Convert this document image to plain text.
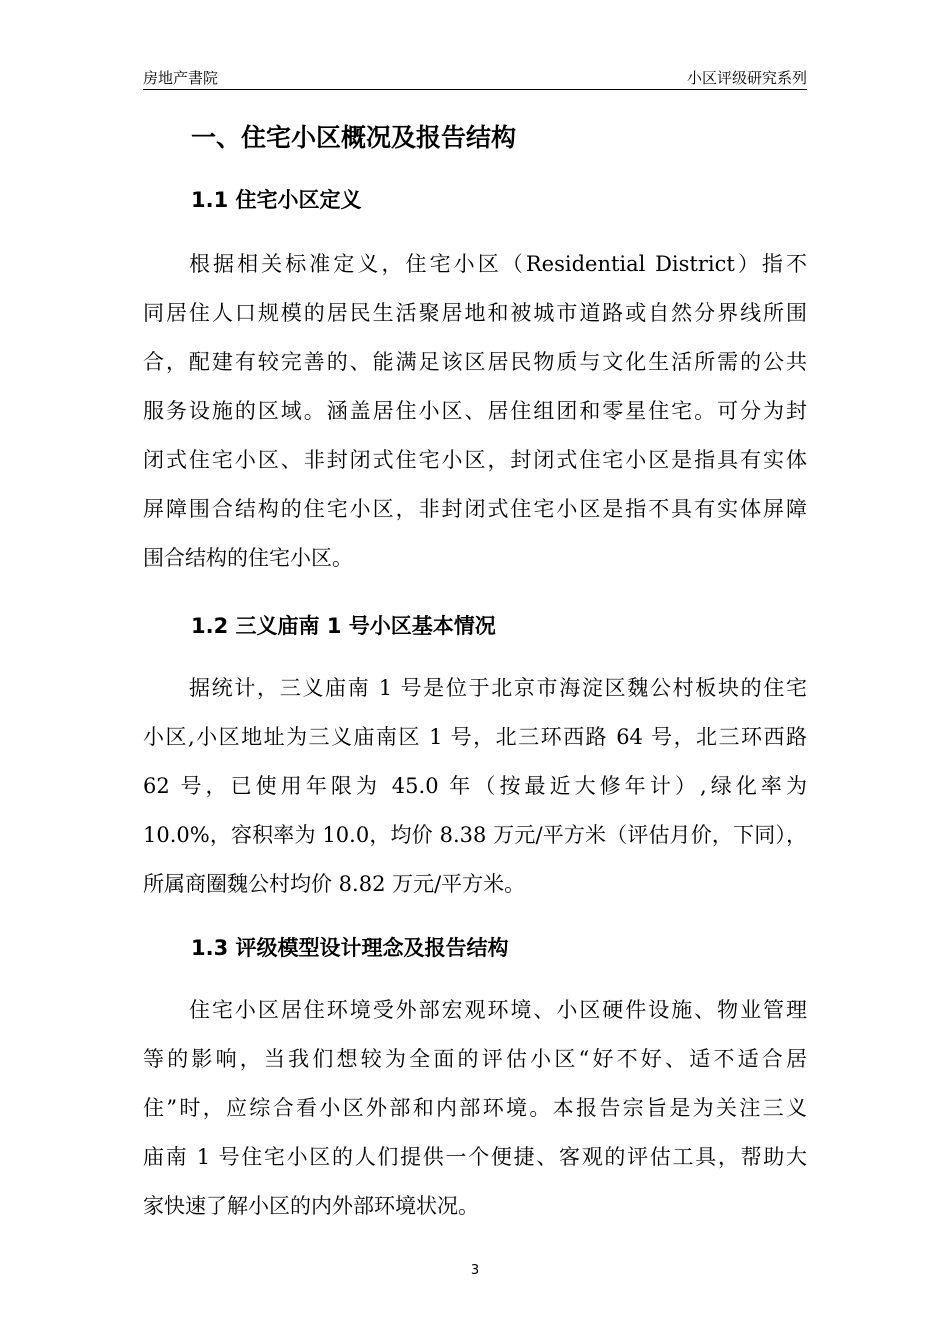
房地产書院	小区评级研究系列
一、住宅小区概况及报告结构
1.1 住宅小区定义
根据相关标准定义，住宅小区（Residential District）指不
同居住人口规模的居民生活聚居地和被城市道路或自然分界线所围
合，配建有较完善的、能满足该区居民物质与文化生活所需的公共
服务设施的区域。涵盖居住小区、居住组团和零星住宅。可分为封
闭式住宅小区、非封闭式住宅小区，封闭式住宅小区是指具有实体
屏障围合结构的住宅小区，非封闭式住宅小区是指不具有实体屏障
围合结构的住宅小区。
1.2 三义庙南 1 号小区基本情况
据统计，三义庙南 1 号是位于北京市海淀区魏公村板块的住宅
小区,小区地址为三义庙南区 1 号，北三环西路 64 号，北三环西路
62 号，已使用年限为 45.0 年（按最近大修年计）,绿化率为
10.0%，容积率为 10.0，均价 8.38 万元/平方米（评估月价，下同），
所属商圈魏公村均价 8.82 万元/平方米。
1.3 评级模型设计理念及报告结构
住宅小区居住环境受外部宏观环境、小区硬件设施、物业管理
等的影响，当我们想较为全面的评估小区“好不好、适不适合居
住”时，应综合看小区外部和内部环境。本报告宗旨是为关注三义
庙南 1 号住宅小区的人们提供一个便捷、客观的评估工具，帮助大
家快速了解小区的内外部环境状况。
3
